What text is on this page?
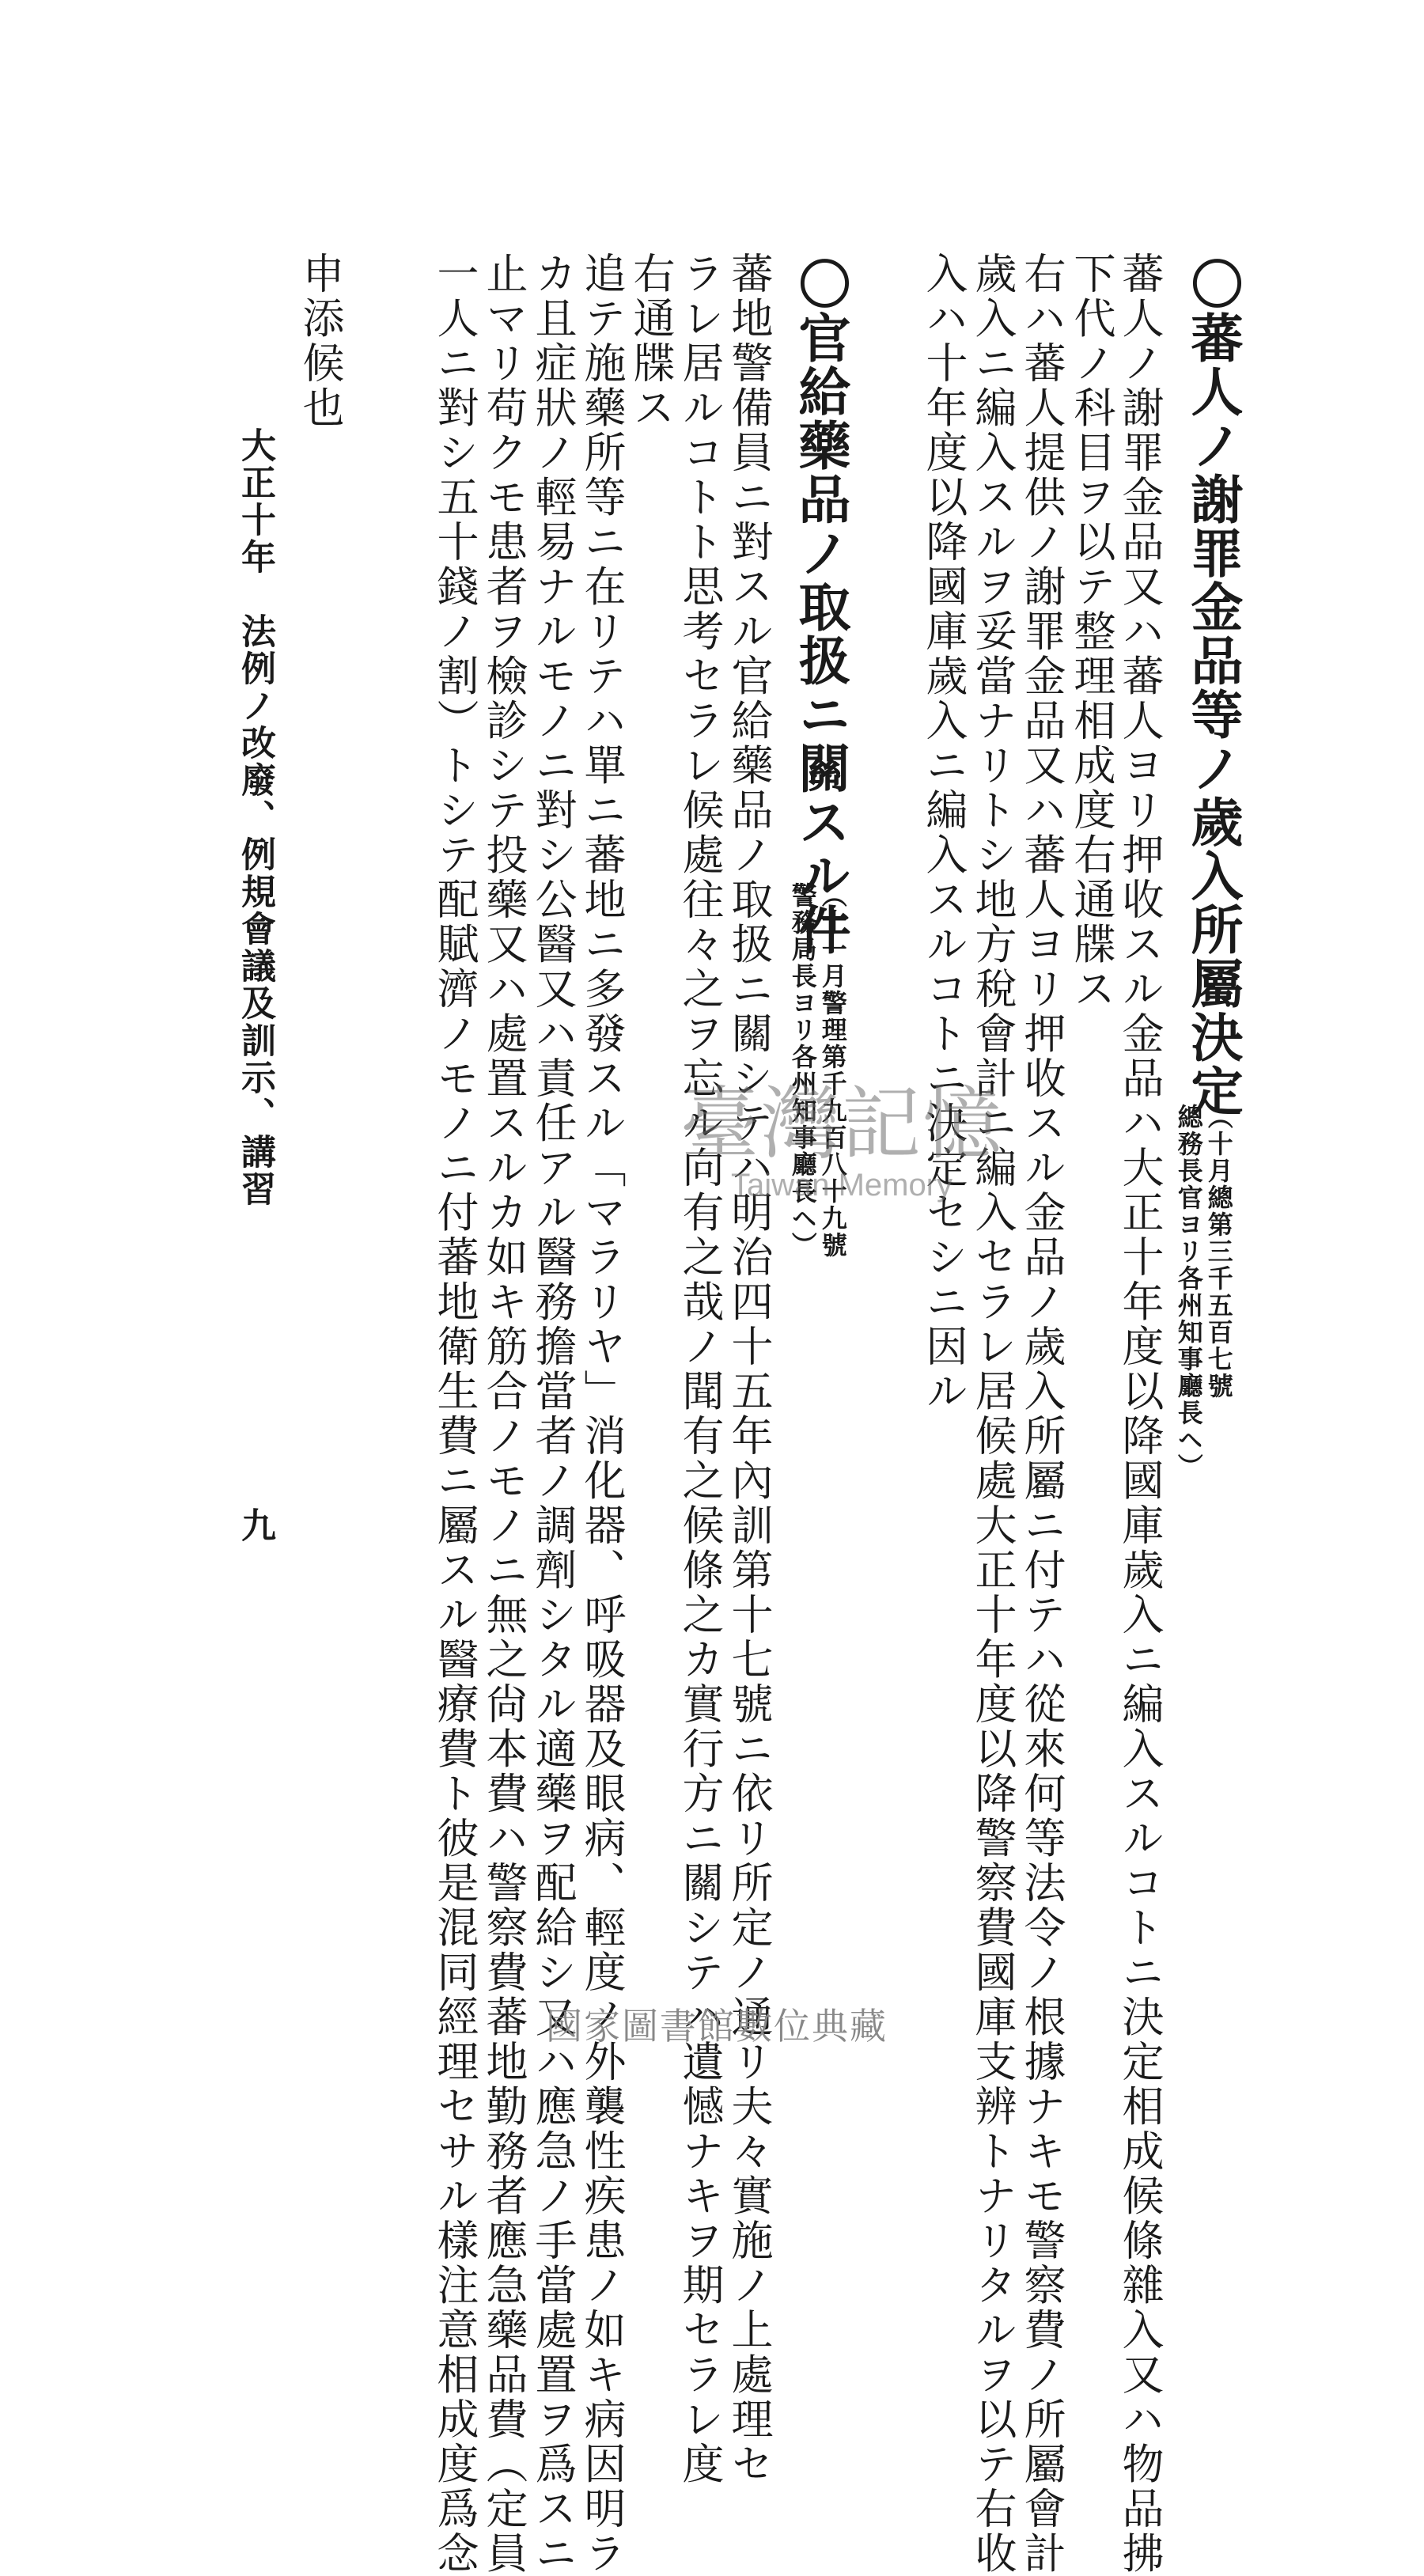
〇蕃人ノ謝罪金品等ノ歲入所屬決定
（十月總第三千五百七號
總務長官ヨリ各州知事廳長ヘ）
蕃人ノ謝罪金品又ハ蕃人ヨリ押收スル金品ハ大正十年度以降國庫歲入ニ編入スルコトニ決定相成候條雜入又ハ物品拂
下代ノ科目ヲ以テ整理相成度右通牒ス
右ハ蕃人提供ノ謝罪金品又ハ蕃人ヨリ押收スル金品ノ歲入所屬ニ付テハ從來何等法令ノ根據ナキモ警察費ノ所屬會計
歲入ニ編入スルヲ妥當ナリトシ地方稅會計ニ編入セラレ居候處大正十年度以降警察費國庫支辨トナリタルヲ以テ右收
入ハ十年度以降國庫歲入ニ編入スルコトニ決定セシニ因ル
〇官給藥品ノ取扱ニ關スル件
（十一月警理第千九百八十九號
警務局長ヨリ各州知事廳長ヘ）
蕃地警備員ニ對スル官給藥品ノ取扱ニ關シテハ明治四十五年內訓第十七號ニ依リ所定ノ通リ夫々實施ノ上處理セ
ラレ居ルコトト思考セラレ候處往々之ヲ忘ル向有之哉ノ聞有之候條之カ實行方ニ關シテハ遺憾ナキヲ期セラレ度
右通牒ス
追テ施藥所等ニ在リテハ單ニ蕃地ニ多發スル「マラリヤ」消化器、呼吸器及眼病、輕度ノ外襲性疾患ノ如キ病因明ラ
カ且症狀ノ輕易ナルモノニ對シ公醫又ハ責任アル醫務擔當者ノ調劑シタル適藥ヲ配給シ又ハ應急ノ手當處置ヲ爲スニ
止マリ苟クモ患者ヲ檢診シテ投藥又ハ處置スルカ如キ筋合ノモノニ無之尙本費ハ警察費蕃地勤務者應急藥品費（定員
一人ニ對シ五十錢ノ割）トシテ配賦濟ノモノニ付蕃地衛生費ニ屬スル醫療費ト彼是混同經理セサル樣注意相成度爲念
申添候也
大正十年　法例ノ改廢、例規會議及訓示、講習
九
臺灣記憶
Taiwan Memory
國家圖書館數位典藏
